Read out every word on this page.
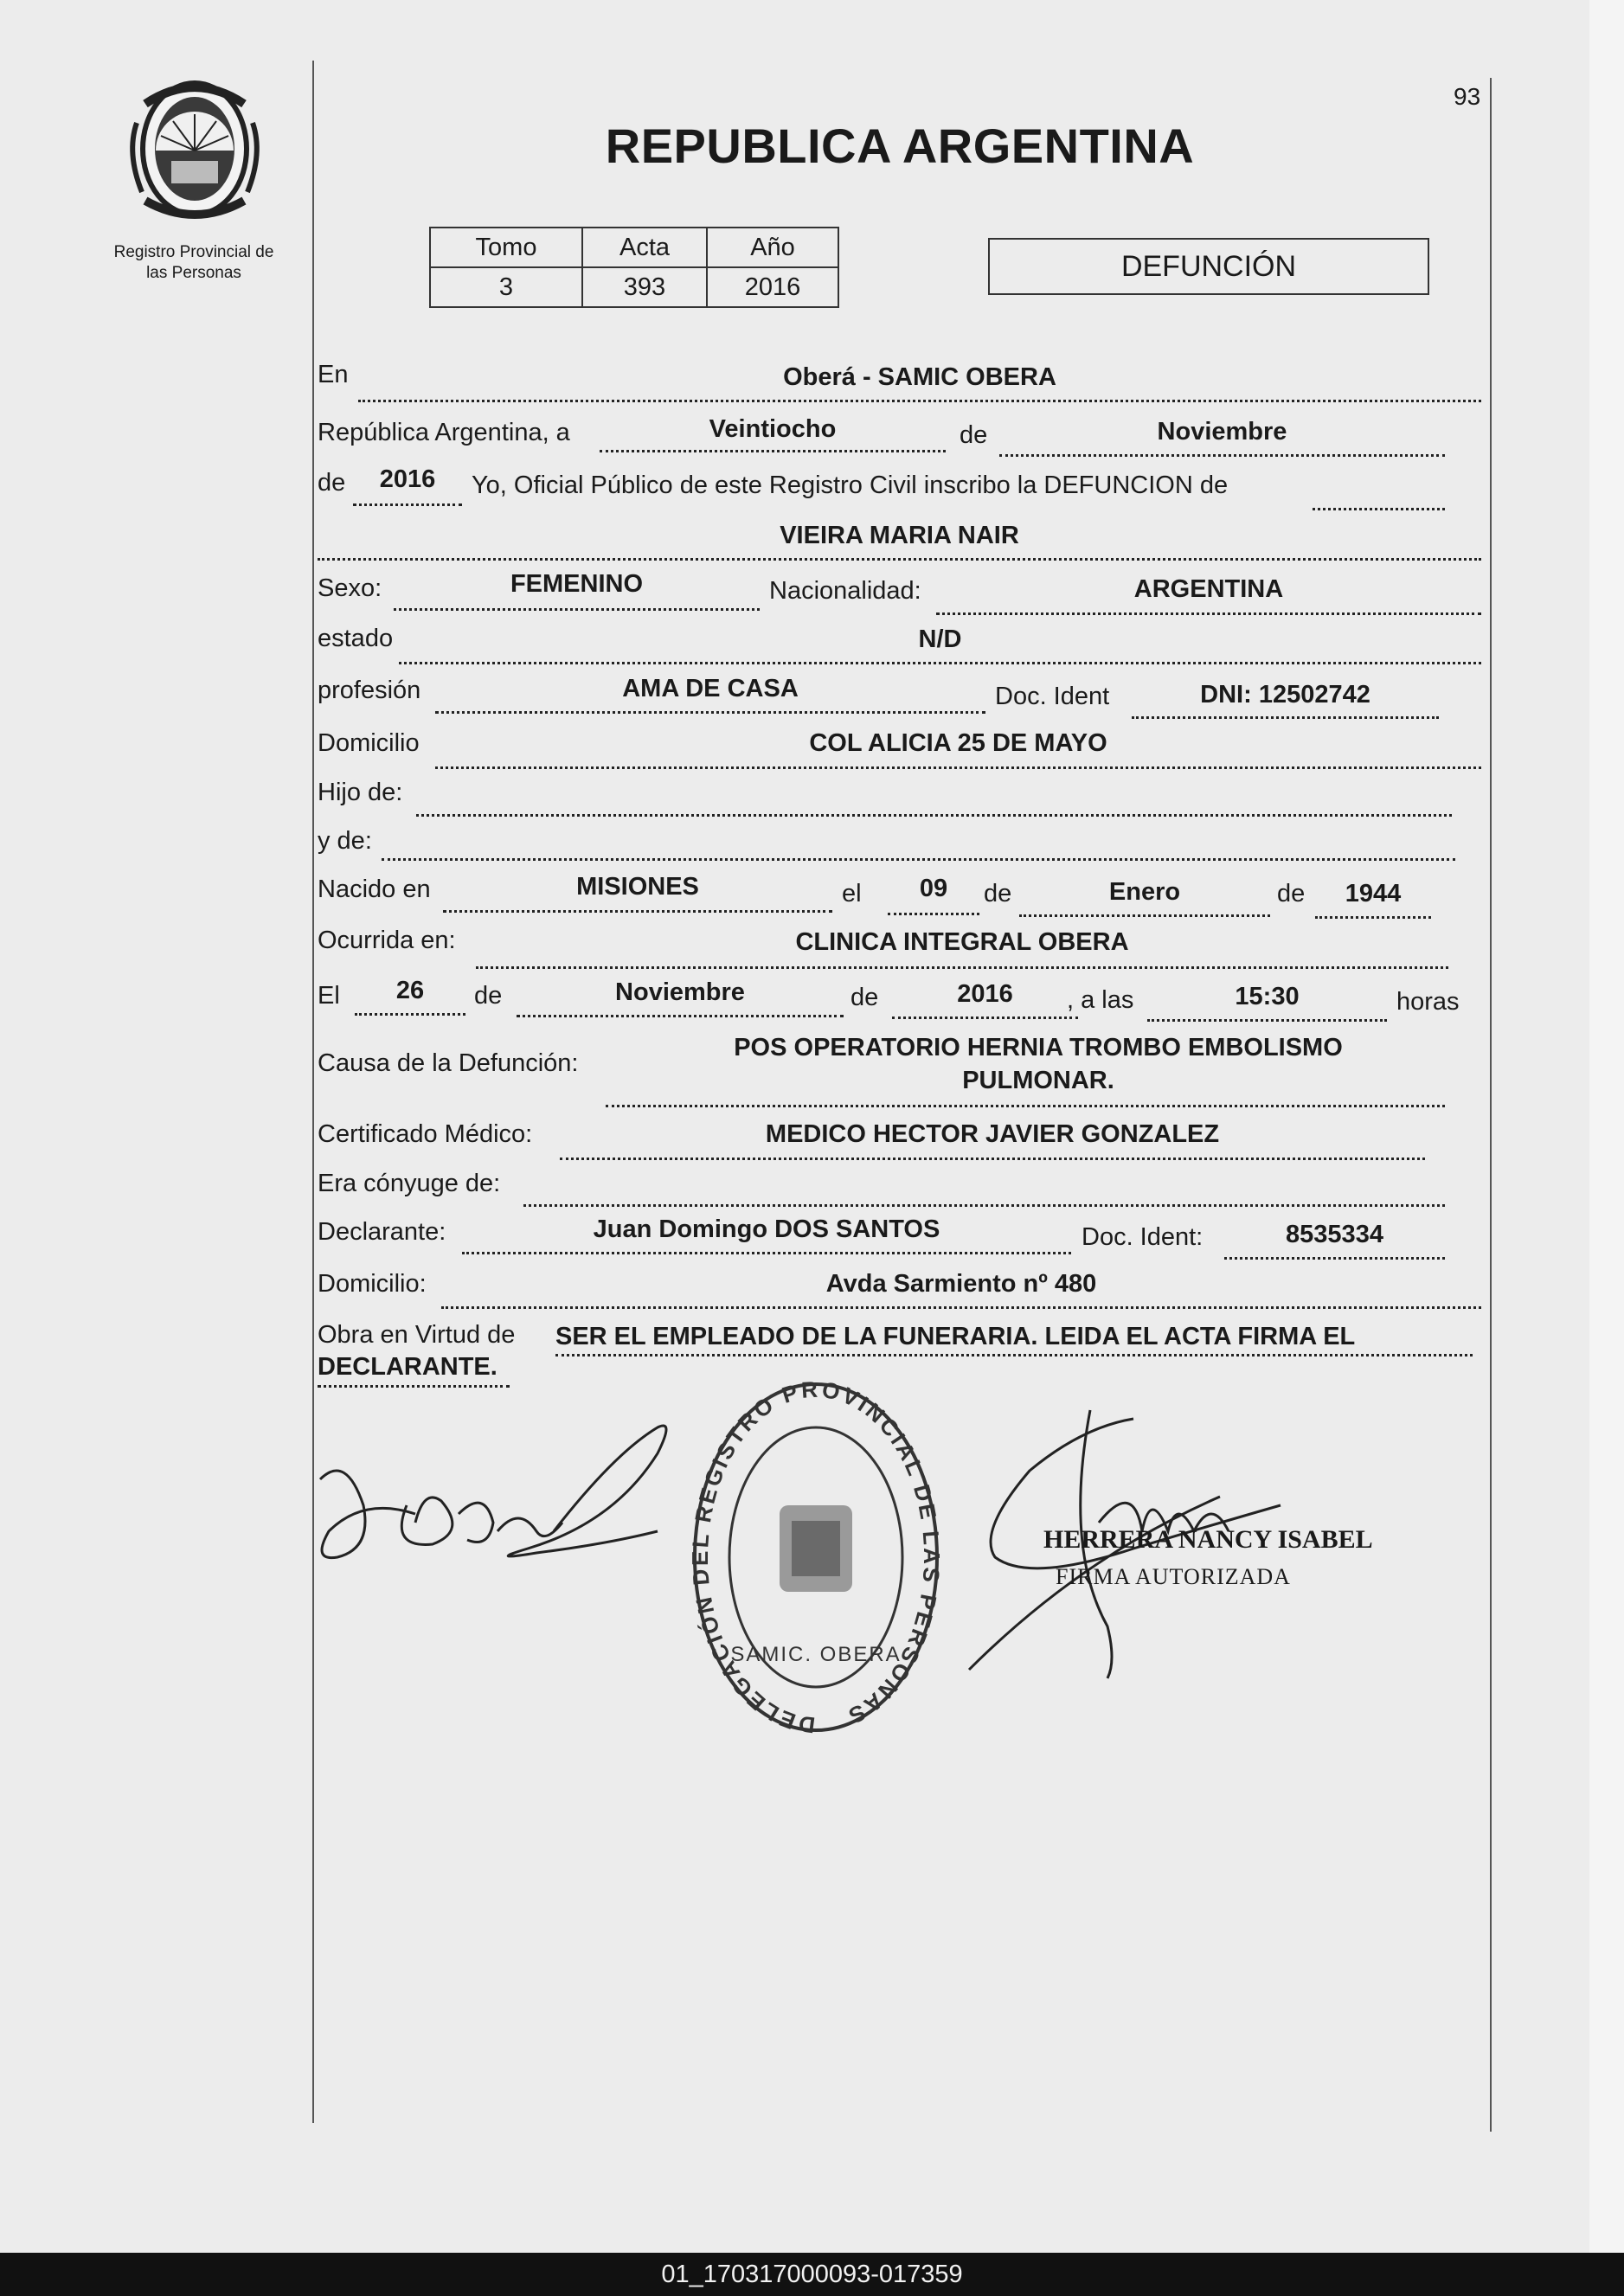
93
Registro Provincial de
las Personas
REPUBLICA ARGENTINA
Tomo	Acta	Año
3	393	2016
DEFUNCIÓN
En	Oberá - SAMIC OBERA
República Argentina, a	Veintiocho	de	Noviembre
de	2016	Yo, Oficial Público de este Registro Civil inscribo la DEFUNCION de
VIEIRA MARIA NAIR
Sexo:	FEMENINO	Nacionalidad:	ARGENTINA
estado	N/D
profesión	AMA DE CASA	Doc. Ident	DNI: 12502742
Domicilio	COL ALICIA 25 DE MAYO
Hijo de:
y de:
Nacido en	MISIONES	el	09	de	Enero	de	1944
Ocurrida en:	CLINICA INTEGRAL OBERA
El	26	de	Noviembre	de	2016	, a las	15:30	horas
Causa de la Defunción:
POS OPERATORIO HERNIA TROMBO EMBOLISMO
PULMONAR.
Certificado Médico:	MEDICO HECTOR JAVIER GONZALEZ
Era cónyuge de:
Declarante:	Juan Domingo DOS SANTOS	Doc. Ident:	8535334
Domicilio:	Avda Sarmiento nº 480
Obra en Virtud de SER EL EMPLEADO DE LA FUNERARIA. LEIDA EL ACTA FIRMA EL
DECLARANTE.
DELEGACIÓN DEL REGISTRO PROVINCIAL DE LAS PERSONAS
SAMIC. OBERA
HERRERA NANCY ISABEL
FIRMA AUTORIZADA
01_170317000093-017359
